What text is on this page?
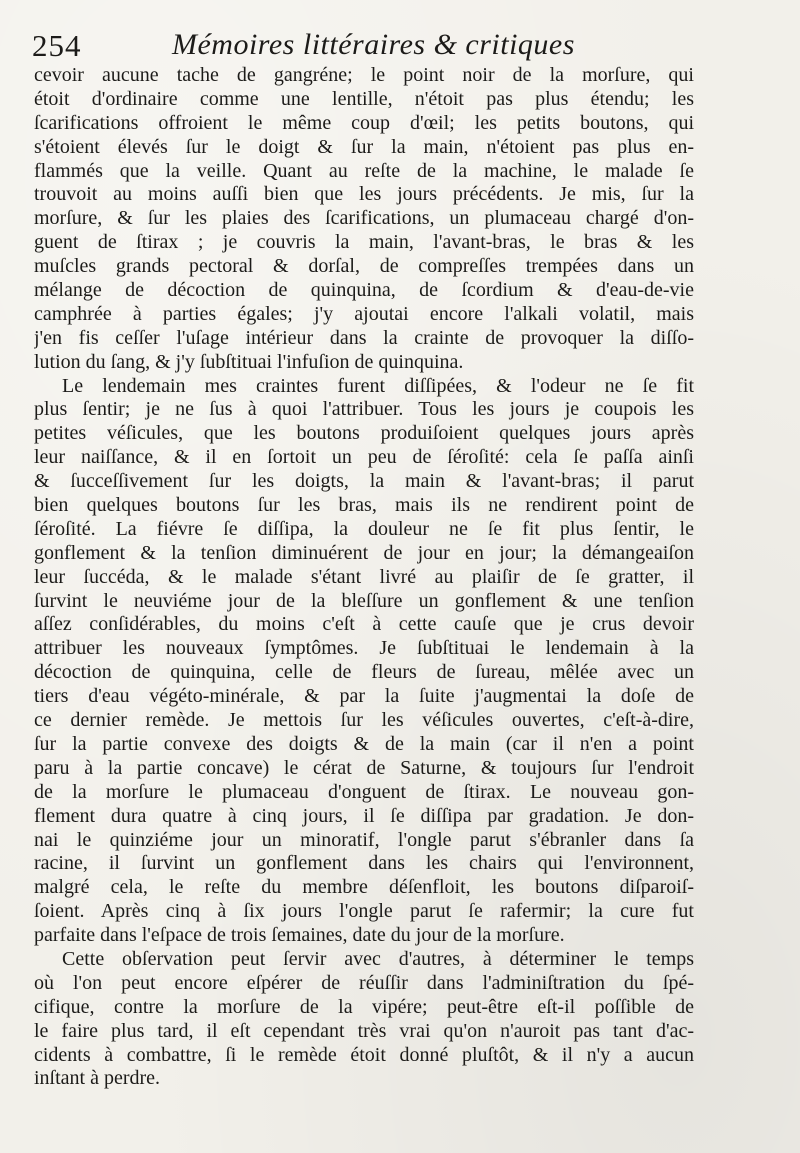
254	Mémoires littéraires & critiques
cevoir aucune tache de gangréne; le point noir de la morſure, qui
étoit d'ordinaire comme une lentille, n'étoit pas plus étendu; les
ſcarifications offroient le même coup d'œil; les petits boutons, qui
s'étoient élevés ſur le doigt & ſur la main, n'étoient pas plus en-
flammés que la veille. Quant au reſte de la machine, le malade ſe
trouvoit au moins auſſi bien que les jours précédents. Je mis, ſur la
morſure, & ſur les plaies des ſcarifications, un plumaceau chargé d'on-
guent de ſtirax ; je couvris la main, l'avant-bras, le bras & les
muſcles grands pectoral & dorſal, de compreſſes trempées dans un
mélange de décoction de quinquina, de ſcordium & d'eau-de-vie
camphrée à parties égales; j'y ajoutai encore l'alkali volatil, mais
j'en fis ceſſer l'uſage intérieur dans la crainte de provoquer la diſſo-
lution du ſang, & j'y ſubſtituai l'infuſion de quinquina.
Le lendemain mes craintes furent diſſipées, & l'odeur ne ſe fit
plus ſentir; je ne ſus à quoi l'attribuer. Tous les jours je coupois les
petites véſicules, que les boutons produiſoient quelques jours après
leur naiſſance, & il en ſortoit un peu de ſéroſité: cela ſe paſſa ainſi
& ſucceſſivement ſur les doigts, la main & l'avant-bras; il parut
bien quelques boutons ſur les bras, mais ils ne rendirent point de
ſéroſité. La fiévre ſe diſſipa, la douleur ne ſe fit plus ſentir, le
gonflement & la tenſion diminuérent de jour en jour; la démangeaiſon
leur ſuccéda, & le malade s'étant livré au plaiſir de ſe gratter, il
ſurvint le neuviéme jour de la bleſſure un gonflement & une tenſion
aſſez conſidérables, du moins c'eſt à cette cauſe que je crus devoir
attribuer les nouveaux ſymptômes. Je ſubſtituai le lendemain à la
décoction de quinquina, celle de fleurs de ſureau, mêlée avec un
tiers d'eau végéto-minérale, & par la ſuite j'augmentai la doſe de
ce dernier remède. Je mettois ſur les véſicules ouvertes, c'eſt-à-dire,
ſur la partie convexe des doigts & de la main (car il n'en a point
paru à la partie concave) le cérat de Saturne, & toujours ſur l'endroit
de la morſure le plumaceau d'onguent de ſtirax. Le nouveau gon-
flement dura quatre à cinq jours, il ſe diſſipa par gradation. Je don-
nai le quinziéme jour un minoratif, l'ongle parut s'ébranler dans ſa
racine, il ſurvint un gonflement dans les chairs qui l'environnent,
malgré cela, le reſte du membre déſenfloit, les boutons diſparoiſ-
ſoient. Après cinq à ſix jours l'ongle parut ſe rafermir; la cure fut
parfaite dans l'eſpace de trois ſemaines, date du jour de la morſure.
Cette obſervation peut ſervir avec d'autres, à déterminer le temps
où l'on peut encore eſpérer de réuſſir dans l'adminiſtration du ſpé-
cifique, contre la morſure de la vipére; peut-être eſt-il poſſible de
le faire plus tard, il eſt cependant très vrai qu'on n'auroit pas tant d'ac-
cidents à combattre, ſi le remède étoit donné pluſtôt, & il n'y a aucun
inſtant à perdre.
